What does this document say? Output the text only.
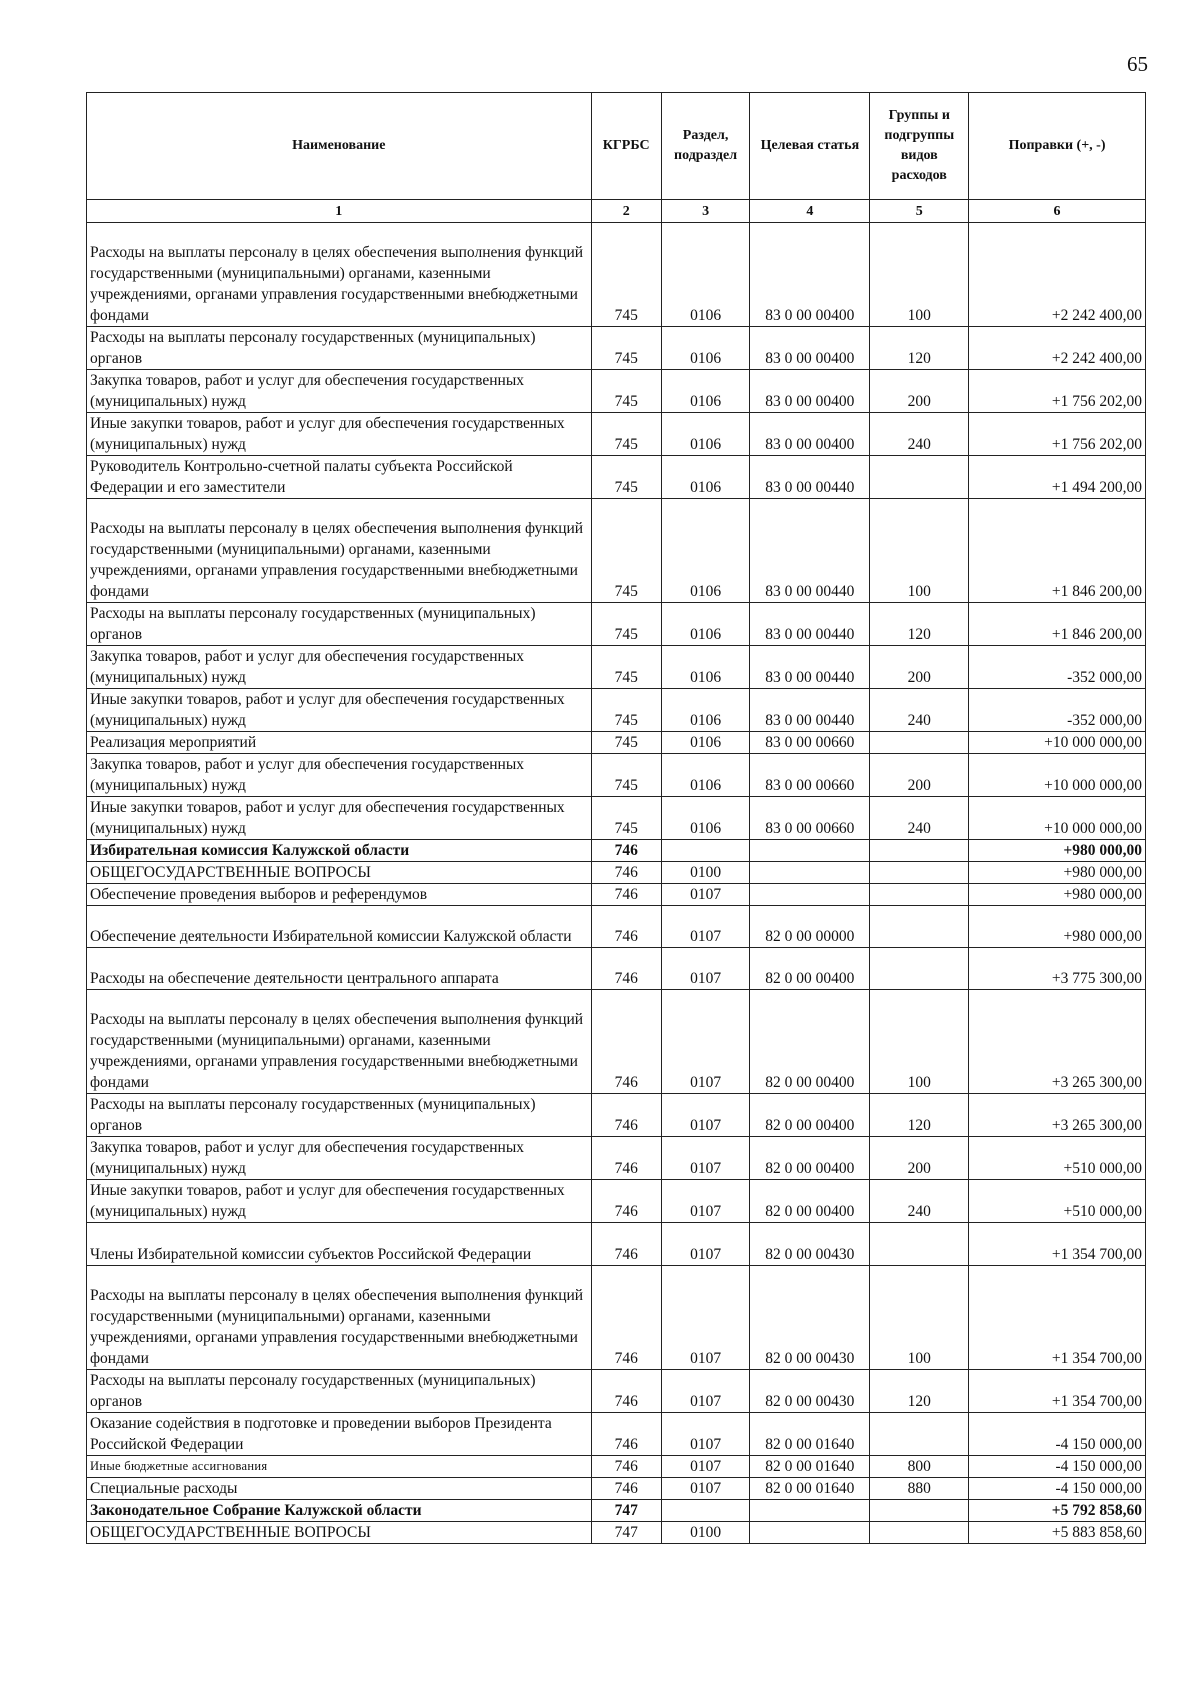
65
Наименование	КГРБС	Раздел, подраздел	Целевая статья	Группы и подгруппы видов расходов	Поправки (+, -)
1	2	3	4	5	6
Расходы на выплаты персоналу в целях обеспечения выполнения функций государственными (муниципальными) органами, казенными учреждениями, органами управления государственными внебюджетными фондами	745	0106	83 0 00 00400	100	+2 242 400,00
Расходы на выплаты персоналу государственных (муниципальных) органов	745	0106	83 0 00 00400	120	+2 242 400,00
Закупка товаров, работ и услуг для обеспечения государственных (муниципальных) нужд	745	0106	83 0 00 00400	200	+1 756 202,00
Иные закупки товаров, работ и услуг для обеспечения государственных (муниципальных) нужд	745	0106	83 0 00 00400	240	+1 756 202,00
Руководитель Контрольно-счетной палаты субъекта Российской Федерации и его заместители	745	0106	83 0 00 00440		+1 494 200,00
Расходы на выплаты персоналу в целях обеспечения выполнения функций государственными (муниципальными) органами, казенными учреждениями, органами управления государственными внебюджетными фондами	745	0106	83 0 00 00440	100	+1 846 200,00
Расходы на выплаты персоналу государственных (муниципальных) органов	745	0106	83 0 00 00440	120	+1 846 200,00
Закупка товаров, работ и услуг для обеспечения государственных (муниципальных) нужд	745	0106	83 0 00 00440	200	-352 000,00
Иные закупки товаров, работ и услуг для обеспечения государственных (муниципальных) нужд	745	0106	83 0 00 00440	240	-352 000,00
Реализация мероприятий	745	0106	83 0 00 00660		+10 000 000,00
Закупка товаров, работ и услуг для обеспечения государственных (муниципальных) нужд	745	0106	83 0 00 00660	200	+10 000 000,00
Иные закупки товаров, работ и услуг для обеспечения государственных (муниципальных) нужд	745	0106	83 0 00 00660	240	+10 000 000,00
Избирательная комиссия Калужской области	746				+980 000,00
ОБЩЕГОСУДАРСТВЕННЫЕ ВОПРОСЫ	746	0100			+980 000,00
Обеспечение проведения выборов и референдумов	746	0107			+980 000,00
Обеспечение деятельности Избирательной комиссии Калужской области	746	0107	82 0 00 00000		+980 000,00
Расходы на обеспечение деятельности центрального аппарата	746	0107	82 0 00 00400		+3 775 300,00
Расходы на выплаты персоналу в целях обеспечения выполнения функций государственными (муниципальными) органами, казенными учреждениями, органами управления государственными внебюджетными фондами	746	0107	82 0 00 00400	100	+3 265 300,00
Расходы на выплаты персоналу государственных (муниципальных) органов	746	0107	82 0 00 00400	120	+3 265 300,00
Закупка товаров, работ и услуг для обеспечения государственных (муниципальных) нужд	746	0107	82 0 00 00400	200	+510 000,00
Иные закупки товаров, работ и услуг для обеспечения государственных (муниципальных) нужд	746	0107	82 0 00 00400	240	+510 000,00
Члены Избирательной комиссии субъектов Российской Федерации	746	0107	82 0 00 00430		+1 354 700,00
Расходы на выплаты персоналу в целях обеспечения выполнения функций государственными (муниципальными) органами, казенными учреждениями, органами управления государственными внебюджетными фондами	746	0107	82 0 00 00430	100	+1 354 700,00
Расходы на выплаты персоналу государственных (муниципальных) органов	746	0107	82 0 00 00430	120	+1 354 700,00
Оказание содействия в подготовке и проведении выборов Президента Российской Федерации	746	0107	82 0 00 01640		-4 150 000,00
Иные бюджетные ассигнования	746	0107	82 0 00 01640	800	-4 150 000,00
Специальные расходы	746	0107	82 0 00 01640	880	-4 150 000,00
Законодательное Собрание Калужской области	747				+5 792 858,60
ОБЩЕГОСУДАРСТВЕННЫЕ ВОПРОСЫ	747	0100			+5 883 858,60
